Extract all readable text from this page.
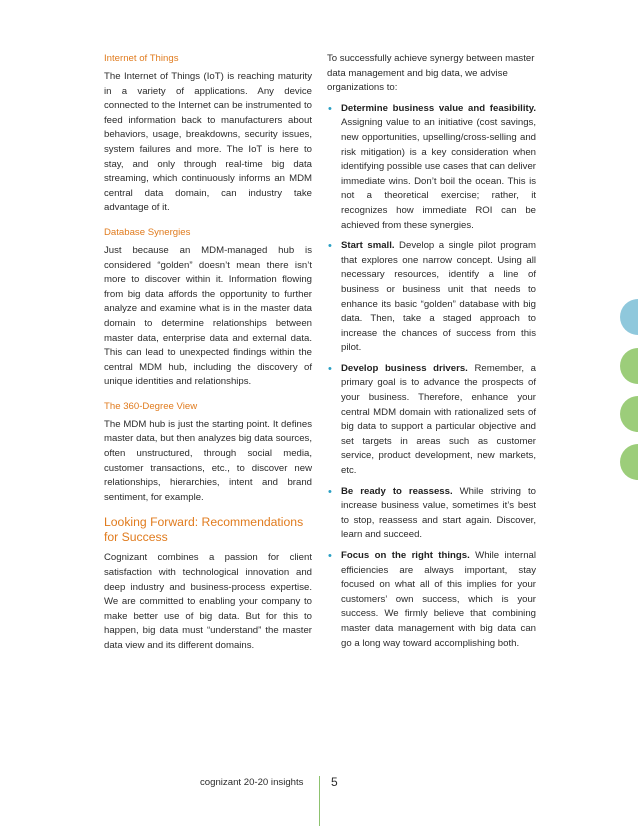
Internet of Things

The Internet of Things (IoT) is reaching maturity in a variety of applications. Any device connected to the Internet can be instrumented to feed information back to manufacturers about behaviors, usage, breakdowns, security issues, system failures and more. The IoT is here to stay, and only through real-time big data streaming, which continuously informs an MDM central data domain, can industry take advantage of it.

Database Synergies

Just because an MDM-managed hub is considered “golden” doesn’t mean there isn’t more to discover within it. Information flowing from big data affords the opportunity to further analyze and examine what is in the master data domain to determine relationships between master data, enterprise data and external data. This can lead to unexpected findings within the central MDM hub, including the discovery of unique identities and relationships.

The 360-Degree View

The MDM hub is just the starting point. It defines master data, but then analyzes big data sources, often unstructured, through social media, customer transactions, etc., to discover new relationships, hierarchies, intent and brand sentiment, for example.

Looking Forward: Recommendations for Success

Cognizant combines a passion for client satisfaction with technological innovation and deep industry and business-process expertise. We are committed to enabling your company to make better use of big data. But for this to happen, big data must “understand” the master data view and its different domains.

To successfully achieve synergy between master data management and big data, we advise organizations to:

• Determine business value and feasibility. Assigning value to an initiative (cost savings, new opportunities, upselling/cross-selling and risk mitigation) is a key consideration when identifying possible use cases that can deliver immediate wins. Don’t boil the ocean. This is not a theoretical exercise; rather, it recognizes how immediate ROI can be achieved from these synergies.
• Start small. Develop a single pilot program that explores one narrow concept. Using all necessary resources, identify a line of business or business unit that needs to enhance its basic “golden” database with big data. Then, take a staged approach to increase the chances of success from this pilot.
• Develop business drivers. Remember, a primary goal is to advance the prospects of your business. Therefore, enhance your central MDM domain with rationalized sets of big data to support a particular objective and set targets in areas such as customer service, product development, new markets, etc.
• Be ready to reassess. While striving to increase business value, sometimes it’s best to stop, reassess and start again. Discover, learn and succeed.
• Focus on the right things. While internal efficiencies are always important, stay focused on what all of this implies for your customers’ own success, which is your success. We firmly believe that combining master data management with big data can go a long way toward accomplishing both.
cognizant 20-20 insights 5
